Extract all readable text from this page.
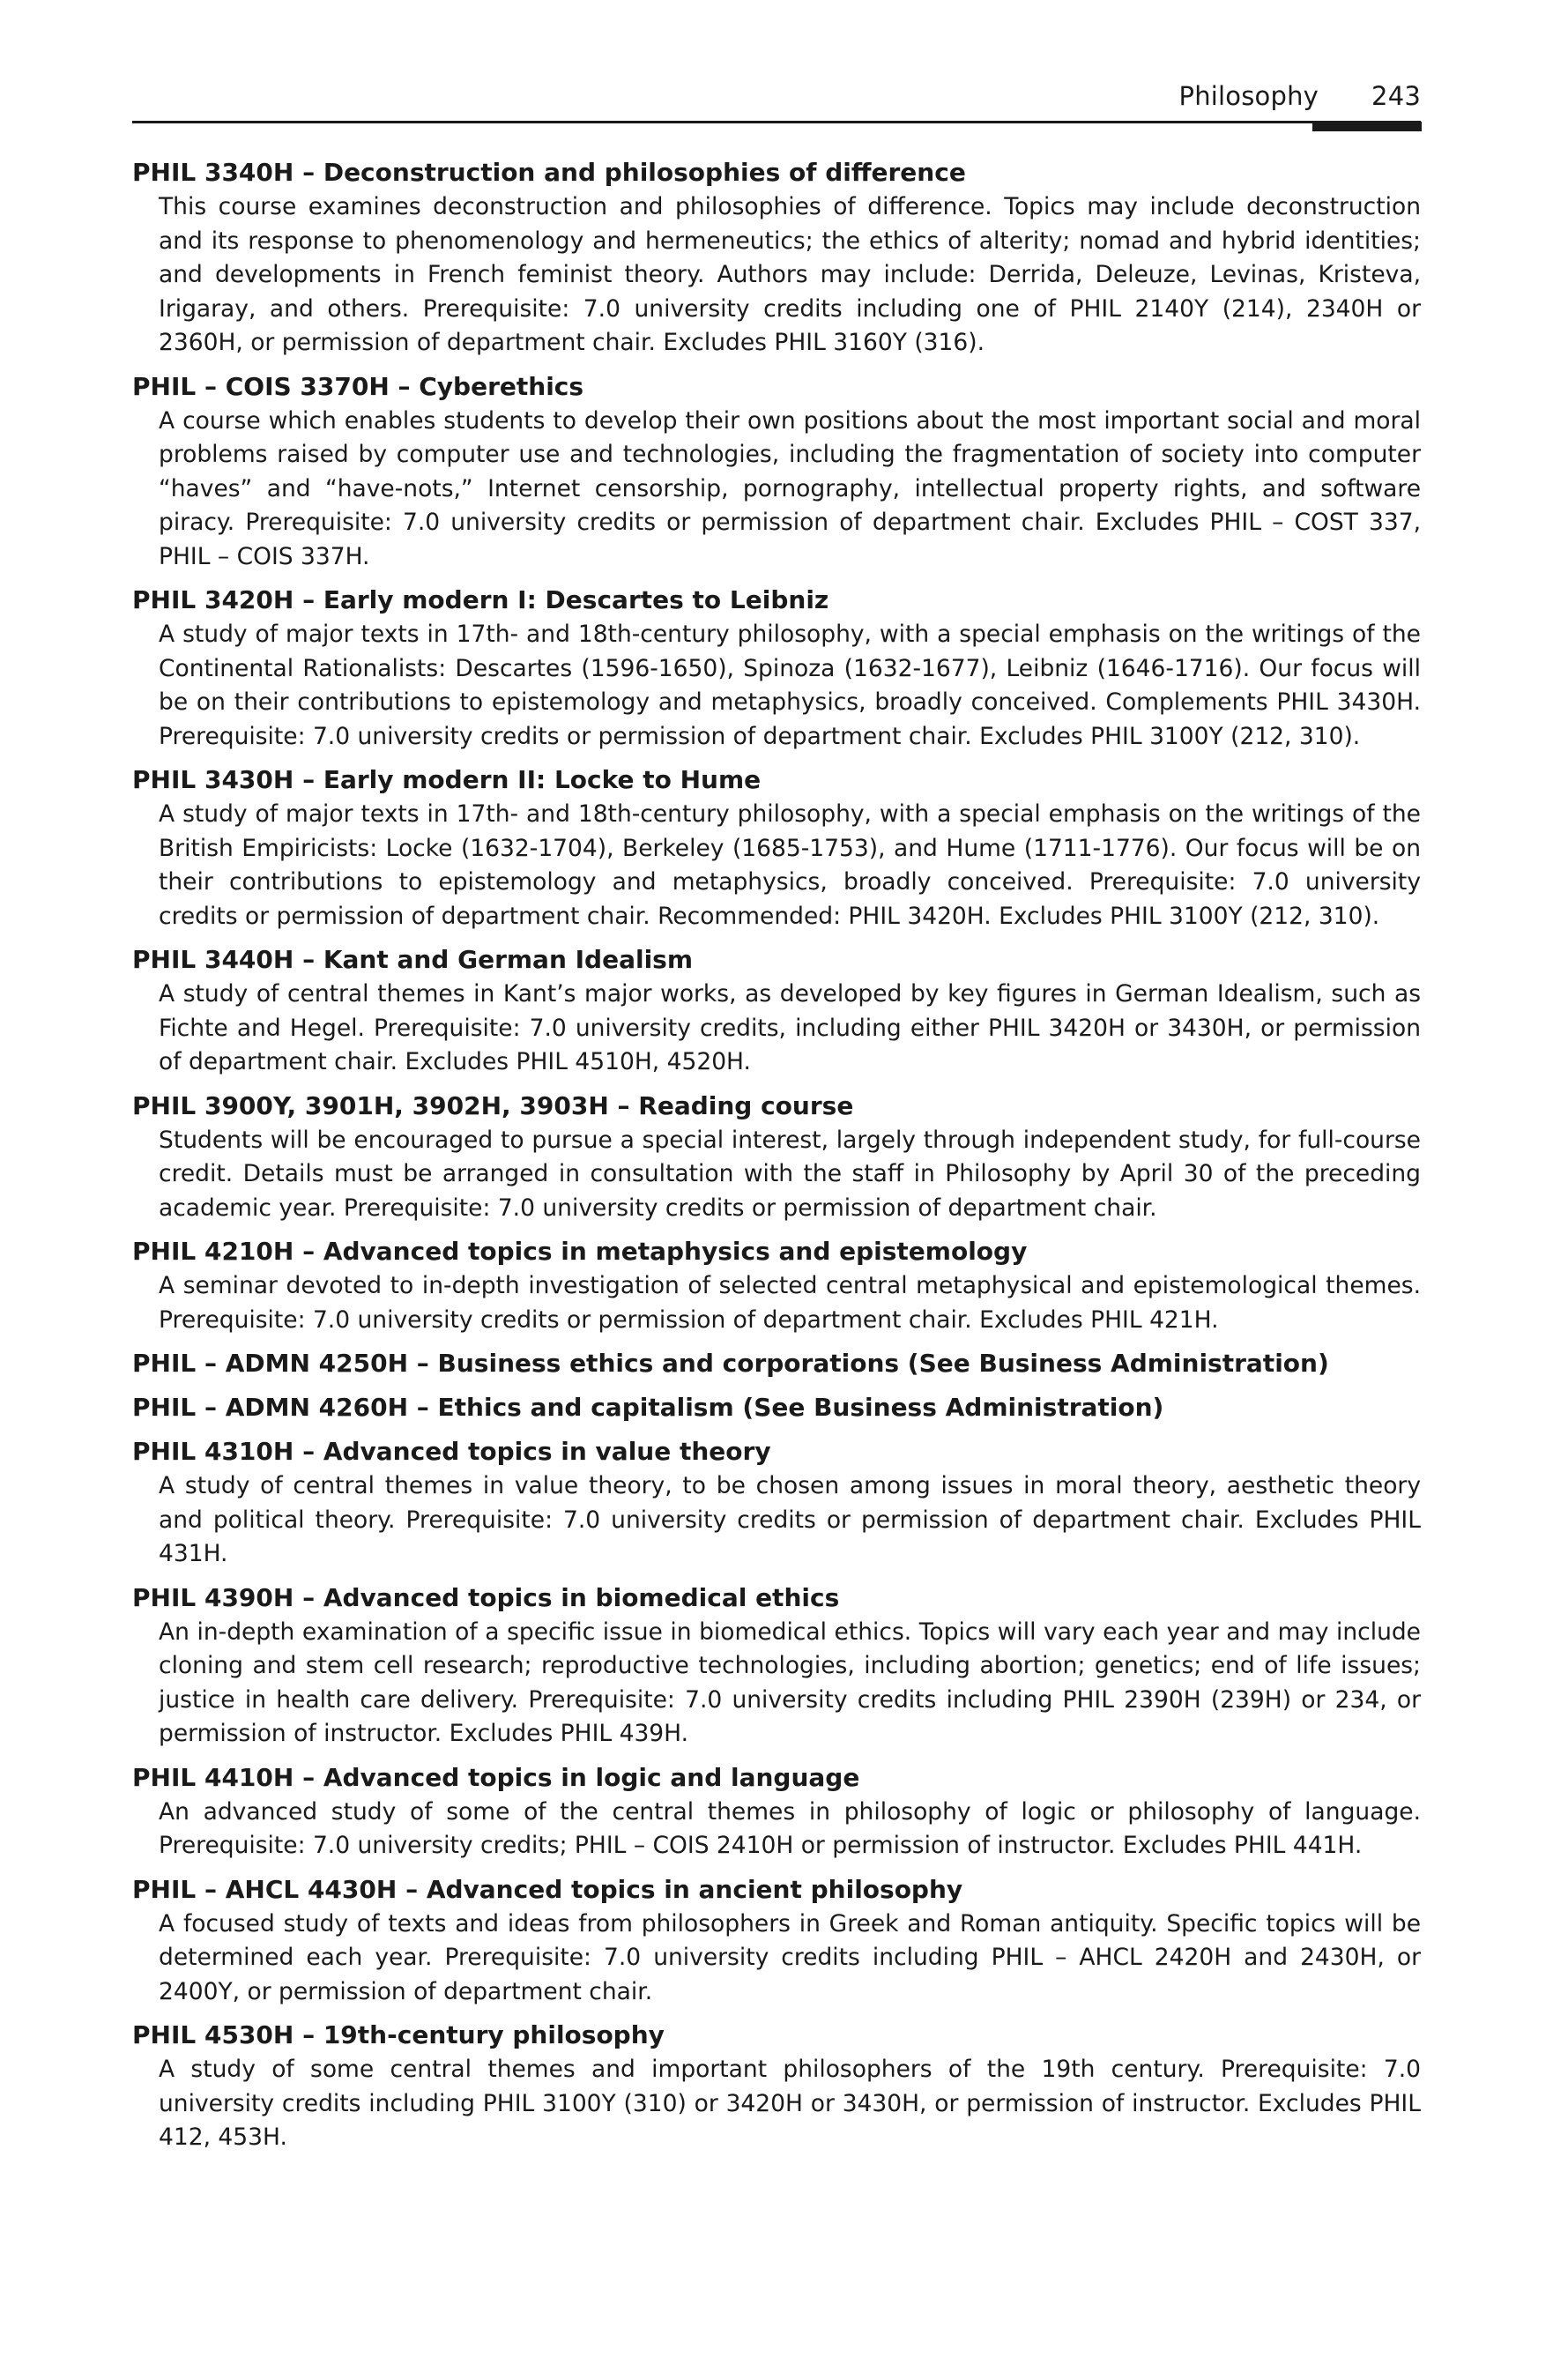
Philosophy 243
PHIL 3340H – Deconstruction and philosophies of difference
This course examines deconstruction and philosophies of difference. Topics may include deconstruction and its response to phenomenology and hermeneutics; the ethics of alterity; nomad and hybrid identities; and developments in French feminist theory. Authors may include: Derrida, Deleuze, Levinas, Kristeva, Irigaray, and others. Prerequisite: 7.0 university credits including one of PHIL 2140Y (214), 2340H or 2360H, or permission of department chair. Excludes PHIL 3160Y (316).
PHIL – COIS 3370H – Cyberethics
A course which enables students to develop their own positions about the most important social and moral problems raised by computer use and technologies, including the fragmentation of society into computer “haves” and “have-nots,” Internet censorship, pornography, intellectual property rights, and software piracy. Prerequisite: 7.0 university credits or permission of department chair. Excludes PHIL – COST 337, PHIL – COIS 337H.
PHIL 3420H – Early modern I: Descartes to Leibniz
A study of major texts in 17th- and 18th-century philosophy, with a special emphasis on the writings of the Continental Rationalists: Descartes (1596-1650), Spinoza (1632-1677), Leibniz (1646-1716). Our focus will be on their contributions to epistemology and metaphysics, broadly conceived. Complements PHIL 3430H. Prerequisite: 7.0 university credits or permission of department chair. Excludes PHIL 3100Y (212, 310).
PHIL 3430H – Early modern II: Locke to Hume
A study of major texts in 17th- and 18th-century philosophy, with a special emphasis on the writings of the British Empiricists: Locke (1632-1704), Berkeley (1685-1753), and Hume (1711-1776). Our focus will be on their contributions to epistemology and metaphysics, broadly conceived. Prerequisite: 7.0 university credits or permission of department chair. Recommended: PHIL 3420H. Excludes PHIL 3100Y (212, 310).
PHIL 3440H – Kant and German Idealism
A study of central themes in Kant’s major works, as developed by key figures in German Idealism, such as Fichte and Hegel. Prerequisite: 7.0 university credits, including either PHIL 3420H or 3430H, or permission of department chair. Excludes PHIL 4510H, 4520H.
PHIL 3900Y, 3901H, 3902H, 3903H – Reading course
Students will be encouraged to pursue a special interest, largely through independent study, for full-course credit. Details must be arranged in consultation with the staff in Philosophy by April 30 of the preceding academic year. Prerequisite: 7.0 university credits or permission of department chair.
PHIL 4210H – Advanced topics in metaphysics and epistemology
A seminar devoted to in-depth investigation of selected central metaphysical and epistemological themes. Prerequisite: 7.0 university credits or permission of department chair. Excludes PHIL 421H.
PHIL – ADMN 4250H – Business ethics and corporations (See Business Administration)
PHIL – ADMN 4260H – Ethics and capitalism (See Business Administration)
PHIL 4310H – Advanced topics in value theory
A study of central themes in value theory, to be chosen among issues in moral theory, aesthetic theory and political theory. Prerequisite: 7.0 university credits or permission of department chair. Excludes PHIL 431H.
PHIL 4390H – Advanced topics in biomedical ethics
An in-depth examination of a specific issue in biomedical ethics. Topics will vary each year and may include cloning and stem cell research; reproductive technologies, including abortion; genetics; end of life issues; justice in health care delivery. Prerequisite: 7.0 university credits including PHIL 2390H (239H) or 234, or permission of instructor. Excludes PHIL 439H.
PHIL 4410H – Advanced topics in logic and language
An advanced study of some of the central themes in philosophy of logic or philosophy of language. Prerequisite: 7.0 university credits; PHIL – COIS 2410H or permission of instructor. Excludes PHIL 441H.
PHIL – AHCL 4430H – Advanced topics in ancient philosophy
A focused study of texts and ideas from philosophers in Greek and Roman antiquity. Specific topics will be determined each year. Prerequisite: 7.0 university credits including PHIL – AHCL 2420H and 2430H, or 2400Y, or permission of department chair.
PHIL 4530H – 19th-century philosophy
A study of some central themes and important philosophers of the 19th century. Prerequisite: 7.0 university credits including PHIL 3100Y (310) or 3420H or 3430H, or permission of instructor. Excludes PHIL 412, 453H.
